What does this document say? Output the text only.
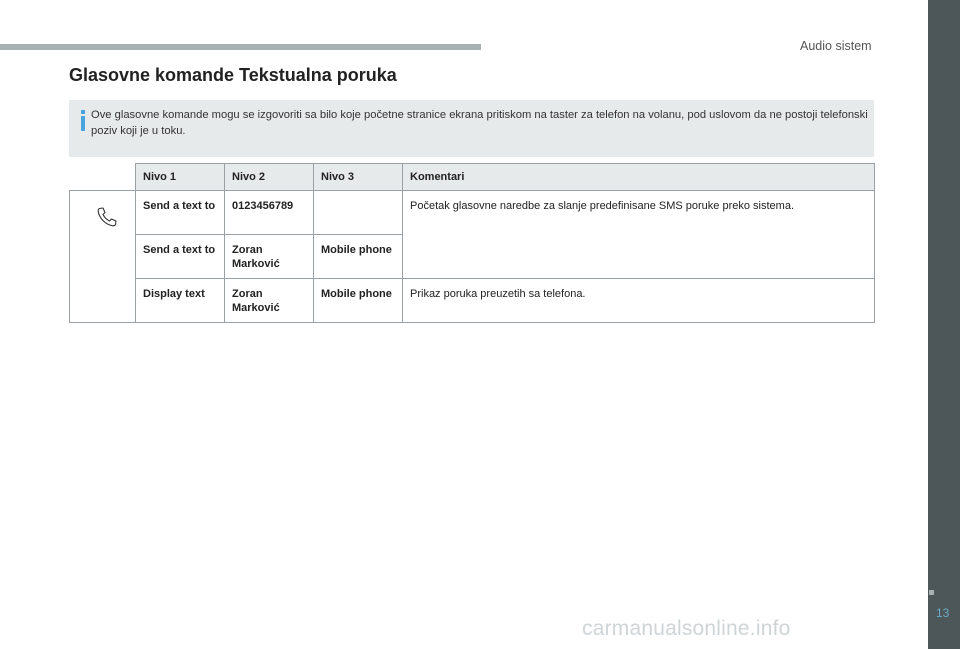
Audio sistem
Glasovne komande Tekstualna poruka
Ove glasovne komande mogu se izgovoriti sa bilo koje početne stranice ekrana pritiskom na taster za telefon na volanu, pod uslovom da ne postoji telefonski poziv koji je u toku.
	Nivo 1	Nivo 2	Nivo 3	Komentari

	Send a text to	0123456789		Početak glasovne naredbe za slanje predefinisane SMS poruke preko sistema.
	Send a text to	Zoran Marković	Mobile phone	
	Display text	Zoran Marković	Mobile phone	Prikaz poruka preuzetih sa telefona.
13
carmanualsonline.info
